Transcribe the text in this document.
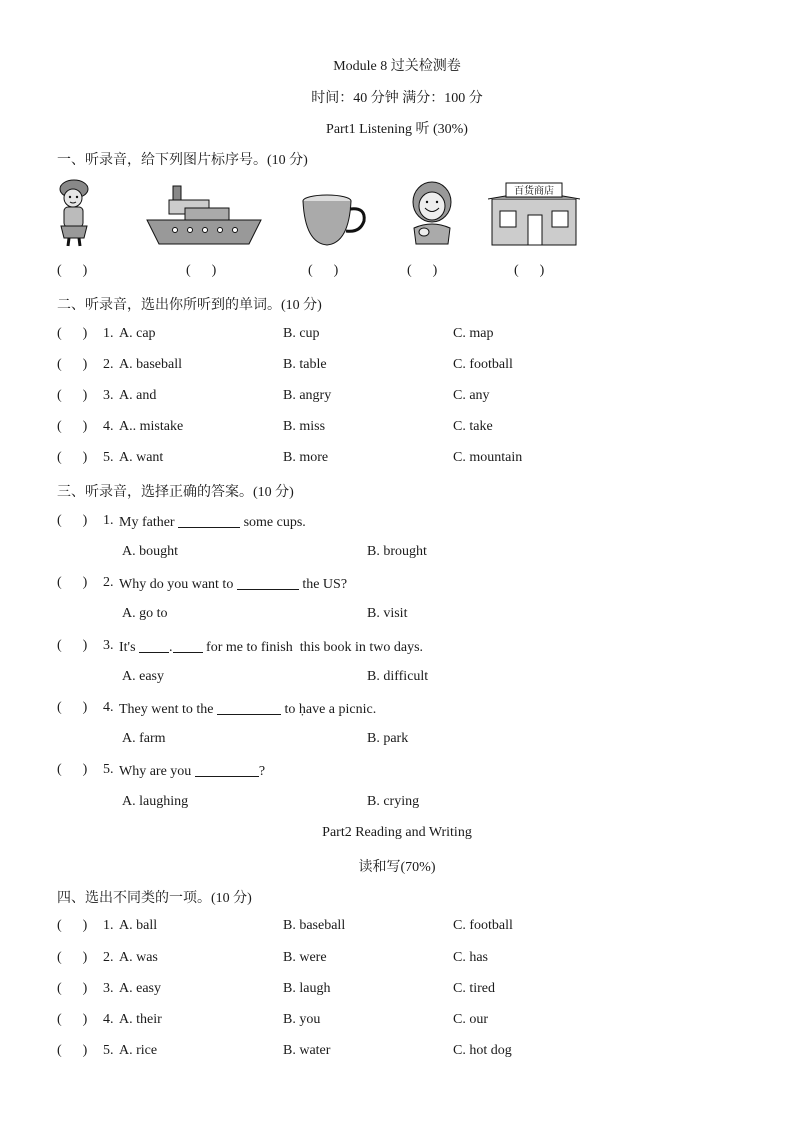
Module 8 过关检测卷
时间：40 分钟 满分：100 分
Part1 Listening 听 (30%)
一、听录音，给下列图片标序号。(10 分)
百货商店
(      )	(      )	(      )	(      )	(      )
二、听录音，选出你所听到的单词。(10 分)
(      ) 1. A. cap	B. cup	C. map
(      ) 2. A. baseball	B. table	C. football
(      ) 3. A. and	B. angry	C. any
(      ) 4. A.. mistake	B. miss	C. take
(      ) 5. A. want	B. more	C. mountain
三、听录音，选择正确的答案。(10 分)
(      ) 1. My father	some cups.
A. bought	B. brought
(      ) 2. Why do you want to	the US?
A. go to	B. visit
(      ) 3. It's . for me to finish  this book in two days.
A. easy	B. difficult
(      ) 4. They went to the	to ḥave a picnic.
A. farm	B. park
(      ) 5. Why are you	?
A. laughing	B. crying
Part2 Reading and Writing
读和写(70%)
四、选出不同类的一项。(10 分)
(      ) 1. A. ball	B. baseball	C. football
(      ) 2. A. was	B. were	C. has
(      ) 3. A. easy	B. laugh	C. tired
(      ) 4. A. their	B. you	C. our
(      ) 5. A. rice	B. water	C. hot dog
